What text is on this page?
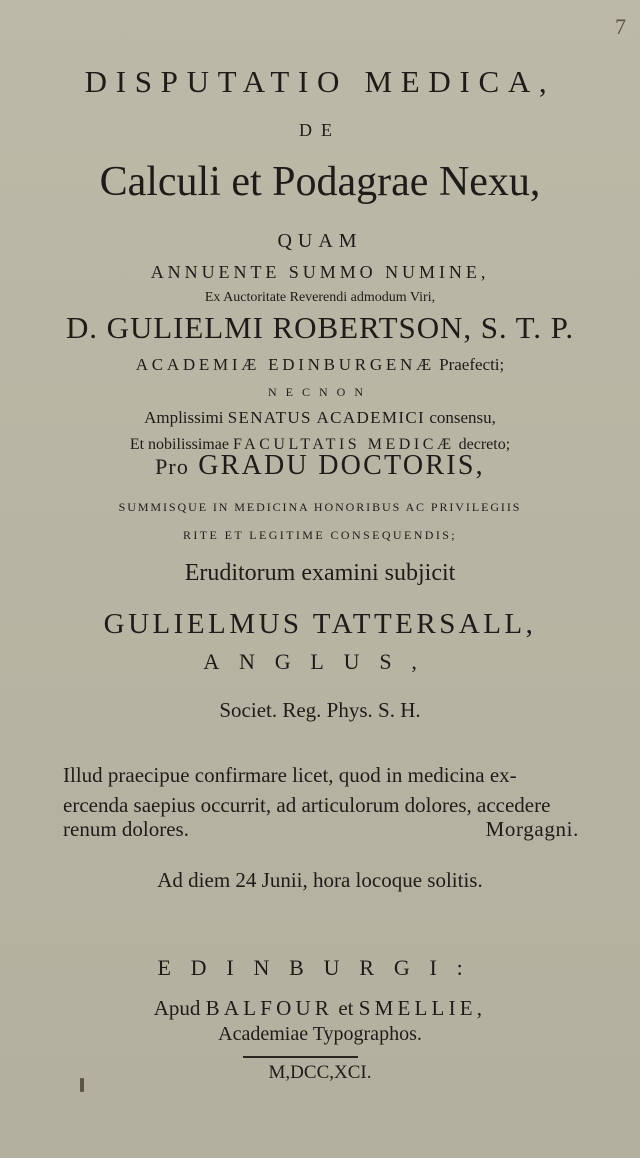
7
DISPUTATIO MEDICA,
DE
Calculi et Podagrae Nexu,
QUAM
ANNUENTE SUMMO NUMINE,
Ex Auctoritate Reverendi admodum Viri,
D. GULIELMI ROBERTSON, S. T. P.
ACADEMIÆ EDINBURGENÆ Praefecti;
NECNON
Amplissimi SENATUS ACADEMICI consensu,
Et nobilissimae FACULTATIS MEDICÆ decreto;
Pro GRADU DOCTORIS,
SUMMISQUE IN MEDICINA HONORIBUS AC PRIVILEGIIS
RITE ET LEGITIME CONSEQUENDIS;
Eruditorum examini subjicit
GULIELMUS TATTERSALL,
ANGLUS,
Societ. Reg. Phys. S. H.
Illud praecipue confirmare licet, quod in medicina ex-
ercenda saepius occurrit, ad articulorum dolores, accedere
renum dolores.	Morgagni.
Ad diem 24 Junii, hora locoque solitis.
EDINBURGI:
Apud BALFOUR et SMELLIE,
Academiae Typographos.
M,DCC,XCI.
